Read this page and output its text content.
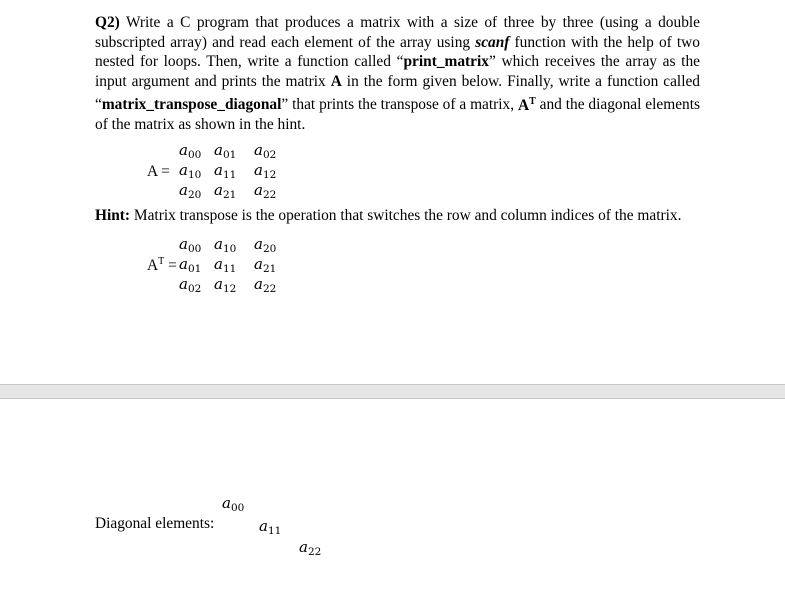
Q2) Write a C program that produces a matrix with a size of three by three (using a double subscripted array) and read each element of the array using scanf function with the help of two nested for loops. Then, write a function called “print_matrix” which receives the array as the input argument and prints the matrix A in the form given below. Finally, write a function called “matrix_transpose_diagonal” that prints the transpose of a matrix, $A^T$ and the diagonal elements of the matrix as shown in the hint.
A =
$a_{00}$ $a_{01}$ $a_{02}$
$a_{10}$ $a_{11}$ $a_{12}$
$a_{20}$ $a_{21}$ $a_{22}$
Hint: Matrix transpose is the operation that switches the row and column indices of the matrix.
$A^T$ =
$a_{00}$ $a_{10}$ $a_{20}$
$a_{01}$ $a_{11}$ $a_{21}$
$a_{02}$ $a_{12}$ $a_{22}$
Diagonal elements:
$a_{00}$
$a_{11}$
$a_{22}$
